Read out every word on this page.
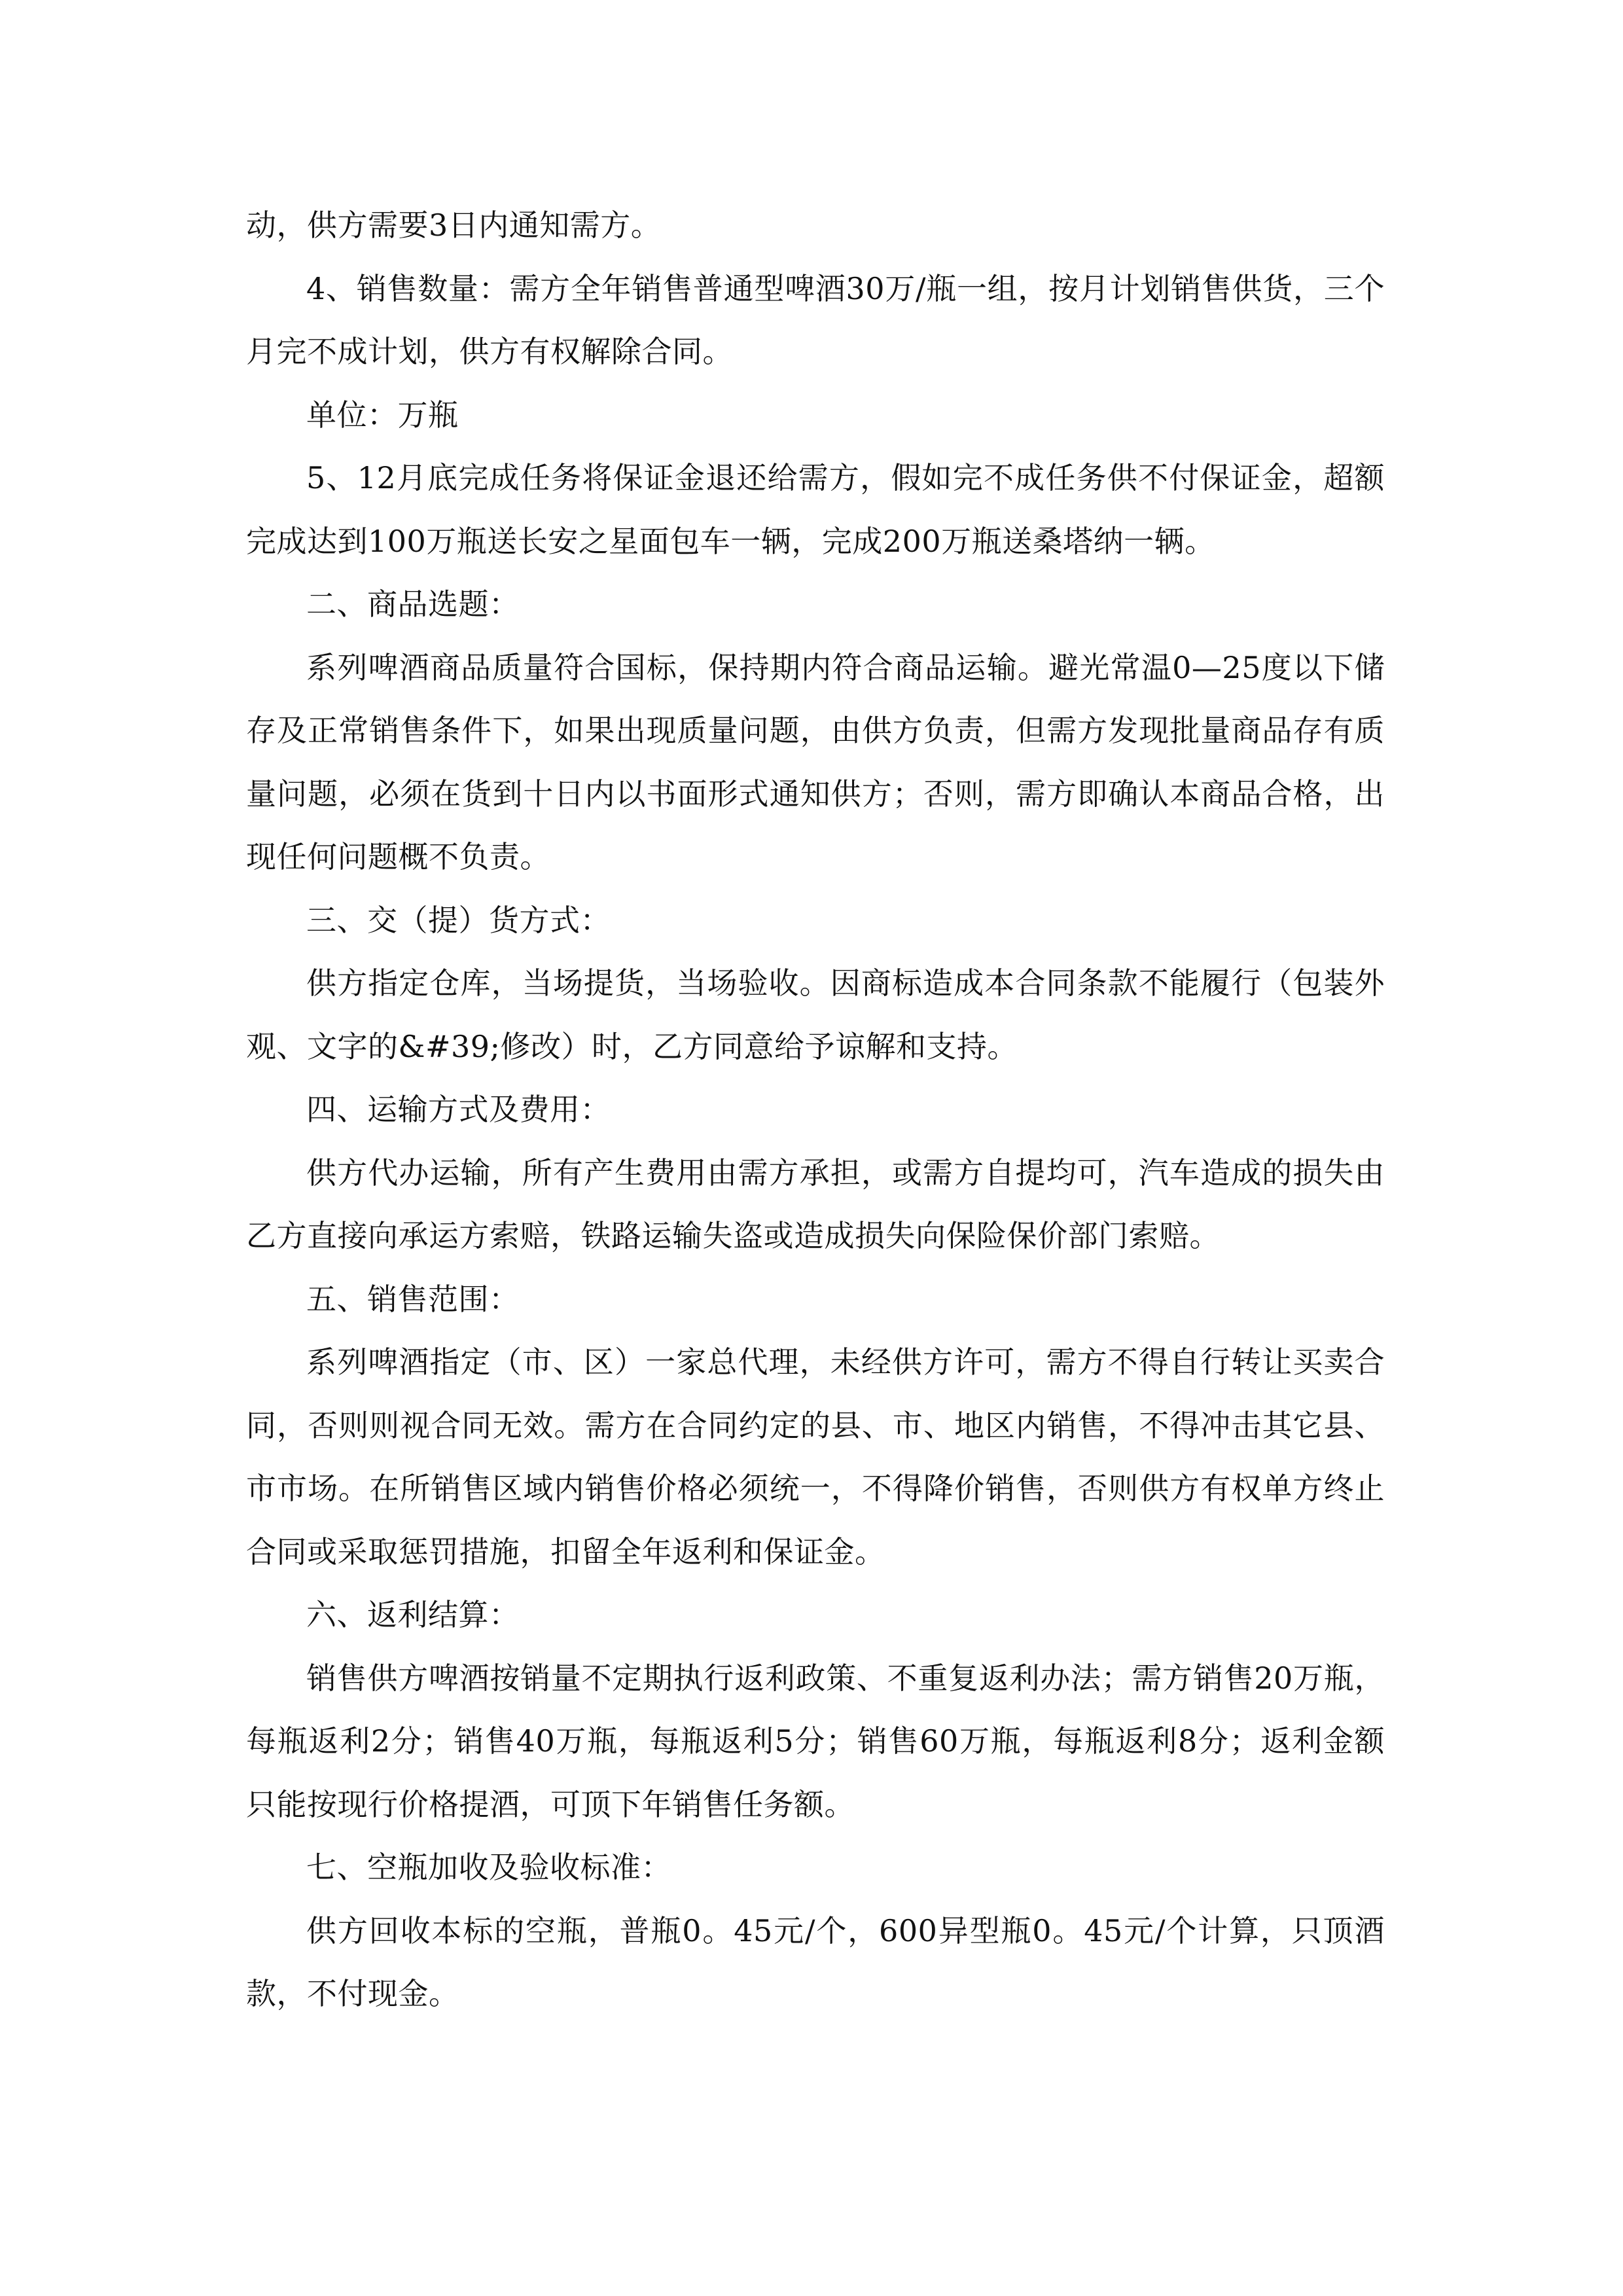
动，供方需要3日内通知需方。

4、销售数量：需方全年销售普通型啤酒30万/瓶一组，按月计划销售供货，三个月完不成计划，供方有权解除合同。

单位：万瓶

5、12月底完成任务将保证金退还给需方，假如完不成任务供不付保证金，超额完成达到100万瓶送长安之星面包车一辆，完成200万瓶送桑塔纳一辆。

二、商品选题：

系列啤酒商品质量符合国标，保持期内符合商品运输。避光常温0—25度以下储存及正常销售条件下，如果出现质量问题，由供方负责，但需方发现批量商品存有质量问题，必须在货到十日内以书面形式通知供方；否则，需方即确认本商品合格，出现任何问题概不负责。

三、交（提）货方式：

供方指定仓库，当场提货，当场验收。因商标造成本合同条款不能履行（包装外观、文字的&#39;修改）时，乙方同意给予谅解和支持。

四、运输方式及费用：

供方代办运输，所有产生费用由需方承担，或需方自提均可，汽车造成的损失由乙方直接向承运方索赔，铁路运输失盗或造成损失向保险保价部门索赔。

五、销售范围：

系列啤酒指定（市、区）一家总代理，未经供方许可，需方不得自行转让买卖合同，否则则视合同无效。需方在合同约定的县、市、地区内销售，不得冲击其它县、市市场。在所销售区域内销售价格必须统一，不得降价销售，否则供方有权单方终止合同或采取惩罚措施，扣留全年返利和保证金。

六、返利结算：

销售供方啤酒按销量不定期执行返利政策、不重复返利办法；需方销售20万瓶，每瓶返利2分；销售40万瓶，每瓶返利5分；销售60万瓶，每瓶返利8分；返利金额只能按现行价格提酒，可顶下年销售任务额。

七、空瓶加收及验收标准：

供方回收本标的空瓶，普瓶0。45元/个，600异型瓶0。45元/个计算，只顶酒款，不付现金。
